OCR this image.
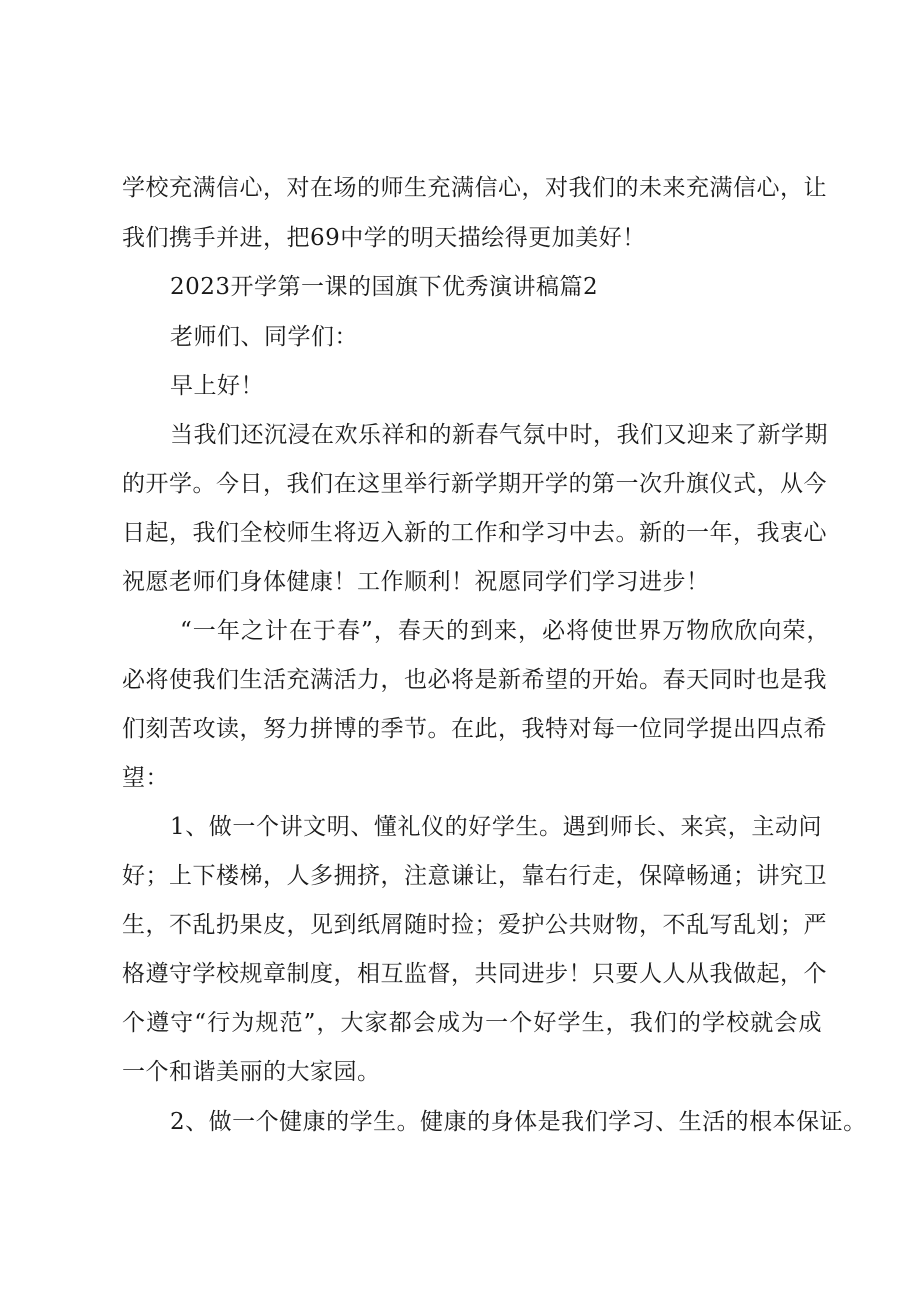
学校充满信心，对在场的师生充满信心，对我们的未来充满信心，让
我们携手并进，把69中学的明天描绘得更加美好！
2023开学第一课的国旗下优秀演讲稿篇2
老师们、同学们：
早上好！
当我们还沉浸在欢乐祥和的新春气氛中时，我们又迎来了新学期
的开学。今日，我们在这里举行新学期开学的第一次升旗仪式，从今
日起，我们全校师生将迈入新的工作和学习中去。新的一年，我衷心
祝愿老师们身体健康！工作顺利！祝愿同学们学习进步！
“一年之计在于春”，春天的到来，必将使世界万物欣欣向荣，
必将使我们生活充满活力，也必将是新希望的开始。春天同时也是我
们刻苦攻读，努力拼博的季节。在此，我特对每一位同学提出四点希
望：
1、做一个讲文明、懂礼仪的好学生。遇到师长、来宾，主动问
好；上下楼梯，人多拥挤，注意谦让，靠右行走，保障畅通；讲究卫
生，不乱扔果皮，见到纸屑随时捡；爱护公共财物，不乱写乱划；严
格遵守学校规章制度，相互监督，共同进步！只要人人从我做起，个
个遵守“行为规范”，大家都会成为一个好学生，我们的学校就会成
一个和谐美丽的大家园。
2、做一个健康的学生。健康的身体是我们学习、生活的根本保证。
